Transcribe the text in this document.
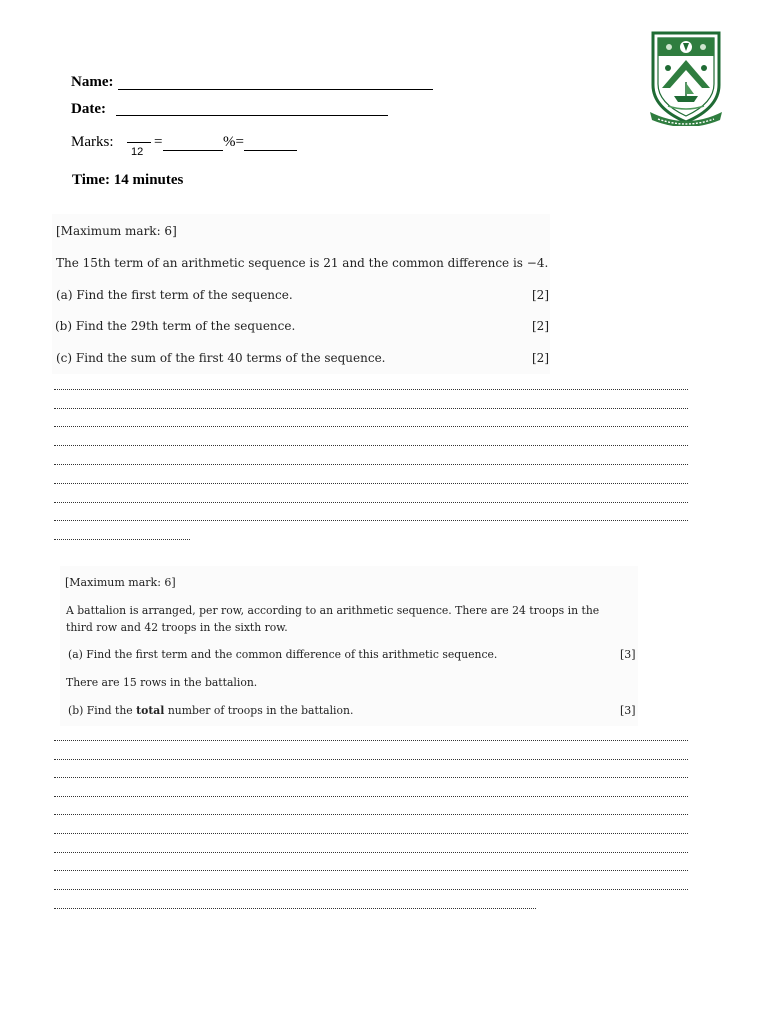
Name:
Date:
Marks:
12
=	%=
Time: 14 minutes
[Maximum mark: 6]
The 15th term of an arithmetic sequence is 21 and the common difference is −4.
(a) Find the first term of the sequence.	[2]
(b) Find the 29th term of the sequence.	[2]
(c) Find the sum of the first 40 terms of the sequence.	[2]
[Maximum mark: 6]
A battalion is arranged, per row, according to an arithmetic sequence. There are 24 troops in the third row and 42 troops in the sixth row.
(a) Find the first term and the common difference of this arithmetic sequence.	[3]
There are 15 rows in the battalion.
(b) Find the total number of troops in the battalion.	[3]
